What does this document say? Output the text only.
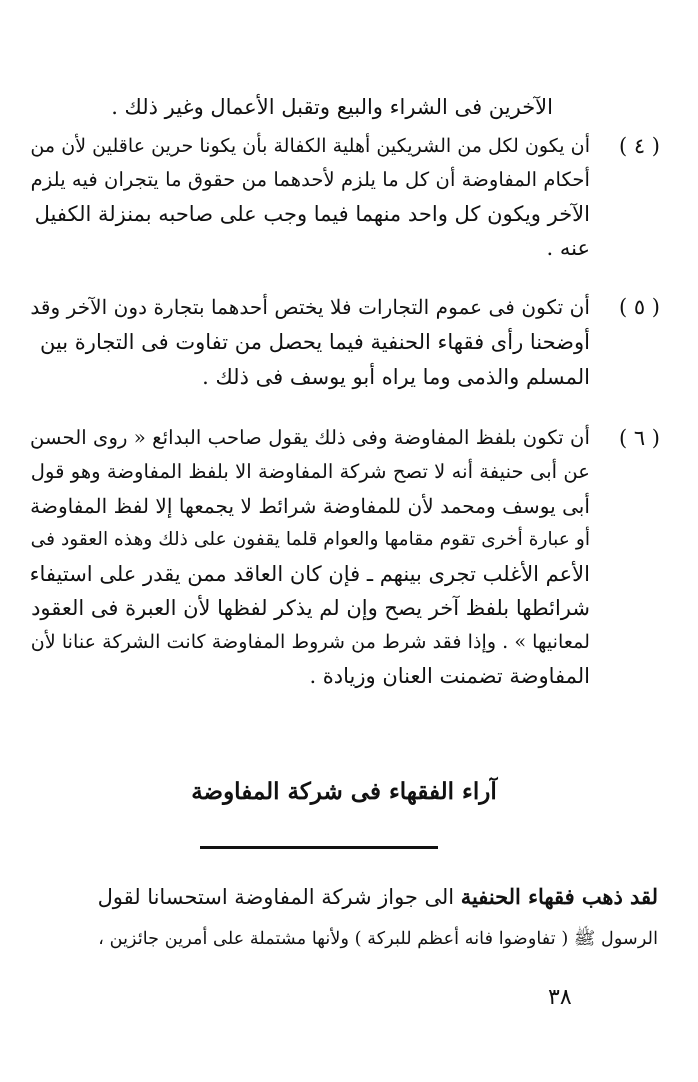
الآخرين فى الشراء والبيع وتقبل الأعمال وغير ذلك .
( ٤ )
أن يكون لكل من الشريكين أهلية الكفالة بأن يكونا حرين عاقلين لأن من
أحكام المفاوضة أن كل ما يلزم لأحدهما من حقوق ما يتجران فيه يلزم
الآخر ويكون كل واحد منهما فيما وجب على صاحبه بمنزلة الكفيل
عنه .
( ٥ )
أن تكون فى عموم التجارات فلا يختص أحدهما بتجارة دون الآخر وقد
أوضحنا رأى فقهاء الحنفية فيما يحصل من تفاوت فى التجارة بين
المسلم والذمى وما يراه أبو يوسف فى ذلك .
( ٦ )
أن تكون بلفظ المفاوضة وفى ذلك يقول صاحب البدائع « روى الحسن
عن أبى حنيفة أنه لا تصح شركة المفاوضة الا بلفظ المفاوضة وهو قول
أبى يوسف ومحمد لأن للمفاوضة شرائط لا يجمعها إلا لفظ المفاوضة
أو عبارة أخرى تقوم مقامها والعوام قلما يقفون على ذلك وهذه العقود فى
الأعم الأغلب تجرى بينهم ـ فإن كان العاقد ممن يقدر على استيفاء
شرائطها بلفظ آخر يصح وإن لم يذكر لفظها لأن العبرة فى العقود
لمعانيها » . وإذا فقد شرط من شروط المفاوضة كانت الشركة عنانا لأن
المفاوضة تضمنت العنان وزيادة .
آراء الفقهاء فى شركة المفاوضة
لقد ذهب فقهاء الحنفية الى جواز شركة المفاوضة استحسانا لقول
الرسول ﷺ ( تفاوضوا فانه أعظم للبركة ) ولأنها مشتملة على أمرين جائزين ،
٣٨
